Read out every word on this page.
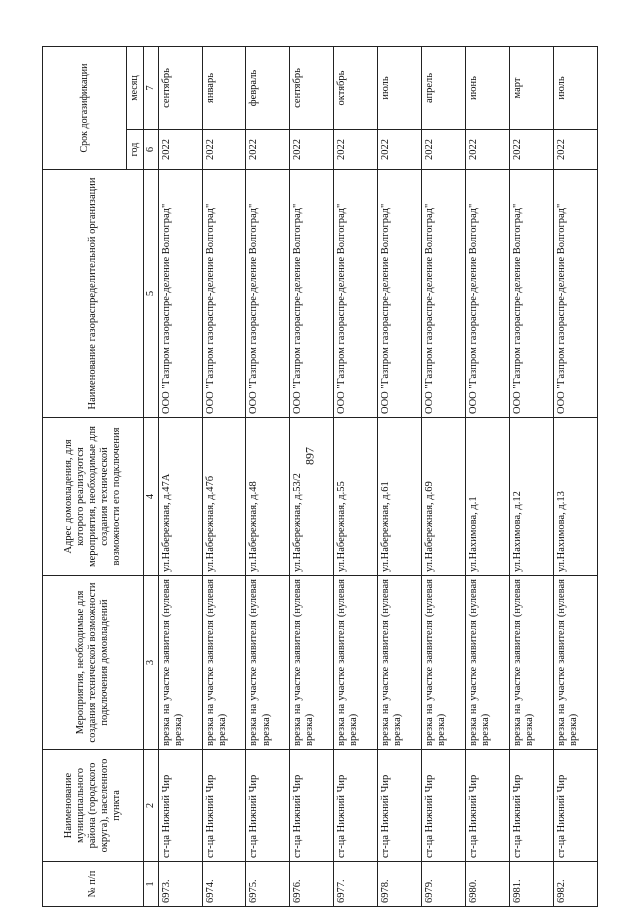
897
№ п/п	Наименование муниципального района (городского округа), населенного пункта	Мероприятия, необходимые для создания технической возможности подключения домовладений	Адрес домовладения, для которого реализуются мероприятия, необходимые для создания технической возможности его подключения	Наименование газораспределительной организации	Срок догазификации	
					год	месяц
1	2	3	4	5	6	7
6973.	ст-ца Нижний Чир	врезка на участке заявителя (нулевая врезка)	ул.Набережная, д.47А	ООО "Газпром газораспре-деление Волгоград"	2022	сентябрь
6974.	ст-ца Нижний Чир	врезка на участке заявителя (нулевая врезка)	ул.Набережная, д.47б	ООО "Газпром газораспре-деление Волгоград"	2022	январь
6975.	ст-ца Нижний Чир	врезка на участке заявителя (нулевая врезка)	ул.Набережная, д.48	ООО "Газпром газораспре-деление Волгоград"	2022	февраль
6976.	ст-ца Нижний Чир	врезка на участке заявителя (нулевая врезка)	ул.Набережная, д.53/2	ООО "Газпром газораспре-деление Волгоград"	2022	сентябрь
6977.	ст-ца Нижний Чир	врезка на участке заявителя (нулевая врезка)	ул.Набережная, д.55	ООО "Газпром газораспре-деление Волгоград"	2022	октябрь
6978.	ст-ца Нижний Чир	врезка на участке заявителя (нулевая врезка)	ул.Набережная, д.61	ООО "Газпром газораспре-деление Волгоград"	2022	июль
6979.	ст-ца Нижний Чир	врезка на участке заявителя (нулевая врезка)	ул.Набережная, д.69	ООО "Газпром газораспре-деление Волгоград"	2022	апрель
6980.	ст-ца Нижний Чир	врезка на участке заявителя (нулевая врезка)	ул.Нахимова, д.1	ООО "Газпром газораспре-деление Волгоград"	2022	июнь
6981.	ст-ца Нижний Чир	врезка на участке заявителя (нулевая врезка)	ул.Нахимова, д.12	ООО "Газпром газораспре-деление Волгоград"	2022	март
6982.	ст-ца Нижний Чир	врезка на участке заявителя (нулевая врезка)	ул.Нахимова, д.13	ООО "Газпром газораспре-деление Волгоград"	2022	июль
